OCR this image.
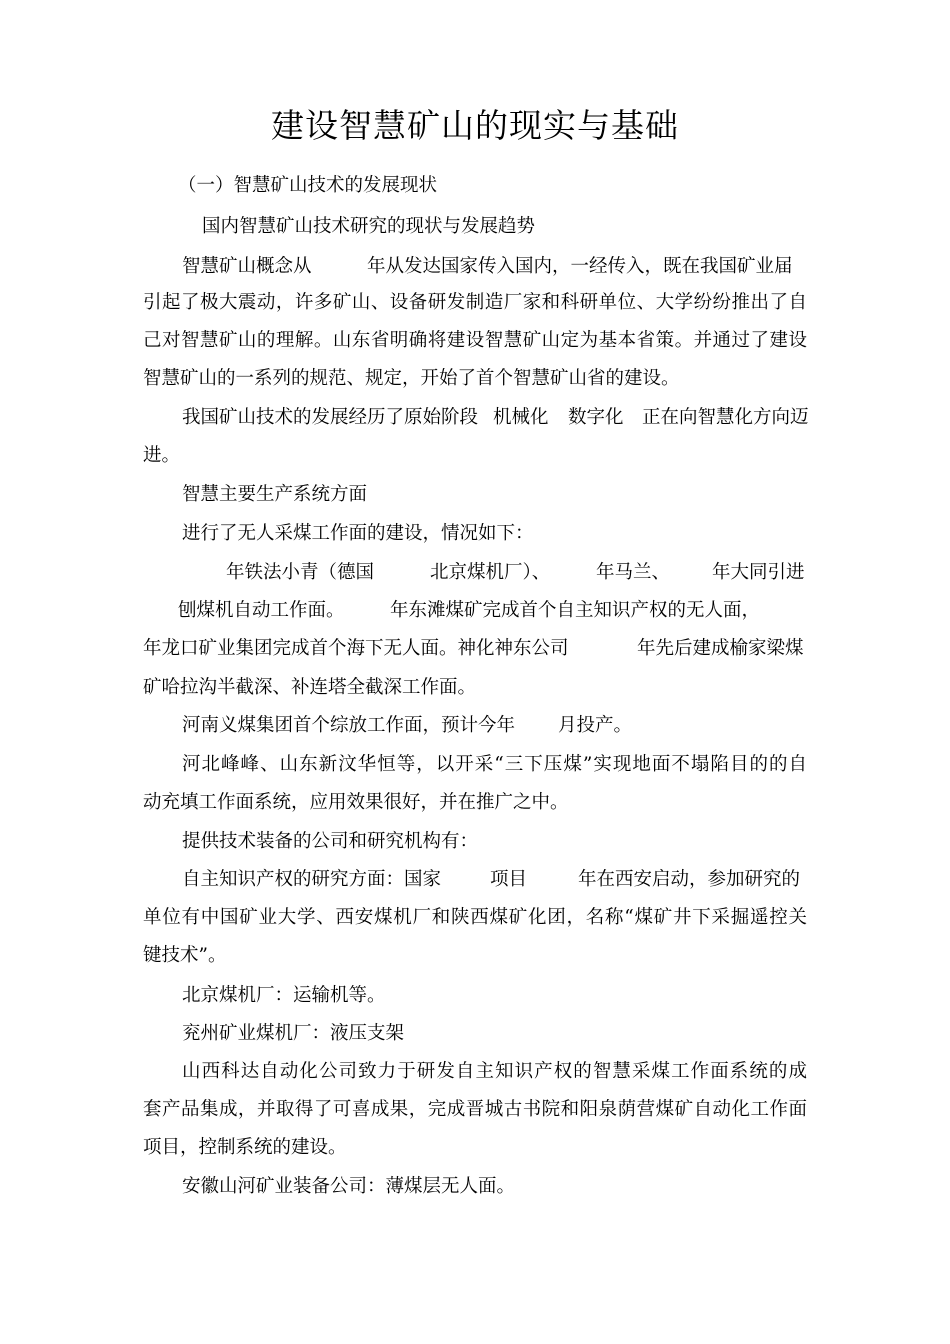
建设智慧矿山的现实与基础

（一）智慧矿山技术的发展现状

国内智慧矿山技术研究的现状与发展趋势

智慧矿山概念从	年从发达国家传入国内，一经传入，既在我国矿业届

引起了极大震动，许多矿山、设备研发制造厂家和科研单位、大学纷纷推出了自

己对智慧矿山的理解。山东省明确将建设智慧矿山定为基本省策。并通过了建设

智慧矿山的一系列的规范、规定，开始了首个智慧矿山省的建设。

我国矿山技术的发展经历了原始阶段 机械化 数字化 正在向智慧化方向迈

进。

智慧主要生产系统方面

进行了无人采煤工作面的建设，情况如下：

年铁法小青（德国	北京煤机厂）、 年马兰、 年大同引进
刨煤机自动工作面。 年东滩煤矿完成首个自主知识产权的无人面，
年龙口矿业集团完成首个海下无人面。神化神东公司	年先后建成榆家梁煤

矿哈拉沟半截深、补连塔全截深工作面。

河南义煤集团首个综放工作面，预计今年 月投产。

河北峰峰、山东新汶华恒等，以开采“三下压煤”实现地面不塌陷目的的自

动充填工作面系统，应用效果很好，并在推广之中。

提供技术装备的公司和研究机构有：

自主知识产权的研究方面：国家	项目	年在西安启动，参加研究的

单位有中国矿业大学、西安煤机厂和陕西煤矿化团，名称“煤矿井下采掘遥控关

键技术”。

北京煤机厂：运输机等。

兖州矿业煤机厂：液压支架

山西科达自动化公司致力于研发自主知识产权的智慧采煤工作面系统的成

套产品集成，并取得了可喜成果，完成晋城古书院和阳泉荫营煤矿自动化工作面

项目，控制系统的建设。

安徽山河矿业装备公司：薄煤层无人面。
